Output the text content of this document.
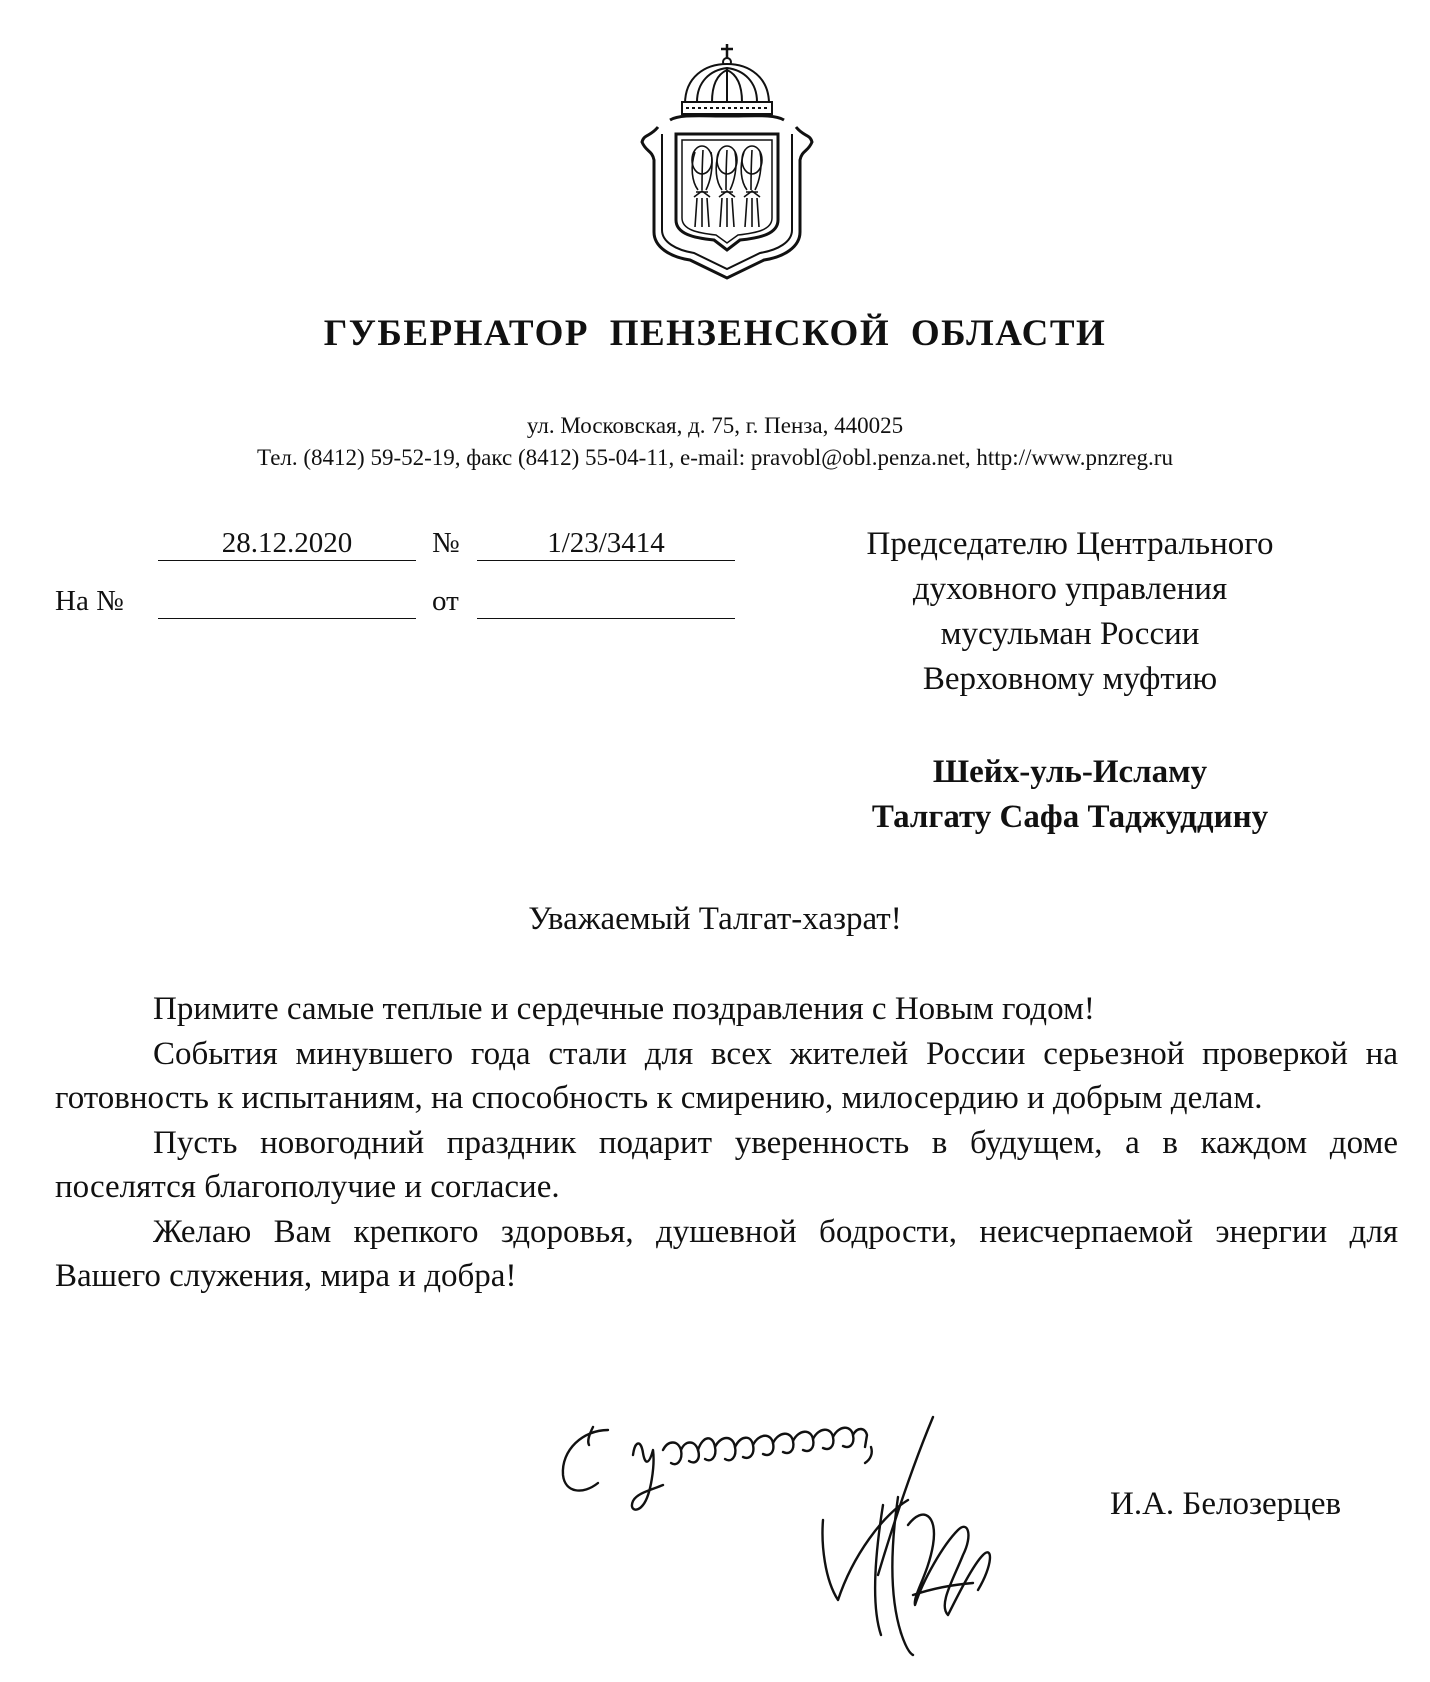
ГУБЕРНАТОР ПЕНЗЕНСКОЙ ОБЛАСТИ
ул. Московская, д. 75, г. Пенза, 440025
Тел. (8412) 59-52-19, факс (8412) 55-04-11, e-mail: pravobl@obl.penza.net, http://www.pnzreg.ru
28.12.2020	№	1/23/3414
На №	от
Председателю Центрального
духовного управления
мусульман России
Верховному муфтию
Шейх-уль-Исламу
Талгату Сафа Таджуддину
Уважаемый Талгат-хазрат!

Примите самые теплые и сердечные поздравления с Новым годом!

События минувшего года стали для всех жителей России серьезной проверкой на готовность к испытаниям, на способность к смирению, милосердию и добрым делам.

Пусть новогодний праздник подарит уверенность в будущем, а в каждом доме поселятся благополучие и согласие.

Желаю Вам крепкого здоровья, душевной бодрости, неисчерпаемой энергии для Вашего служения, мира и добра!

И.А. Белозерцев
